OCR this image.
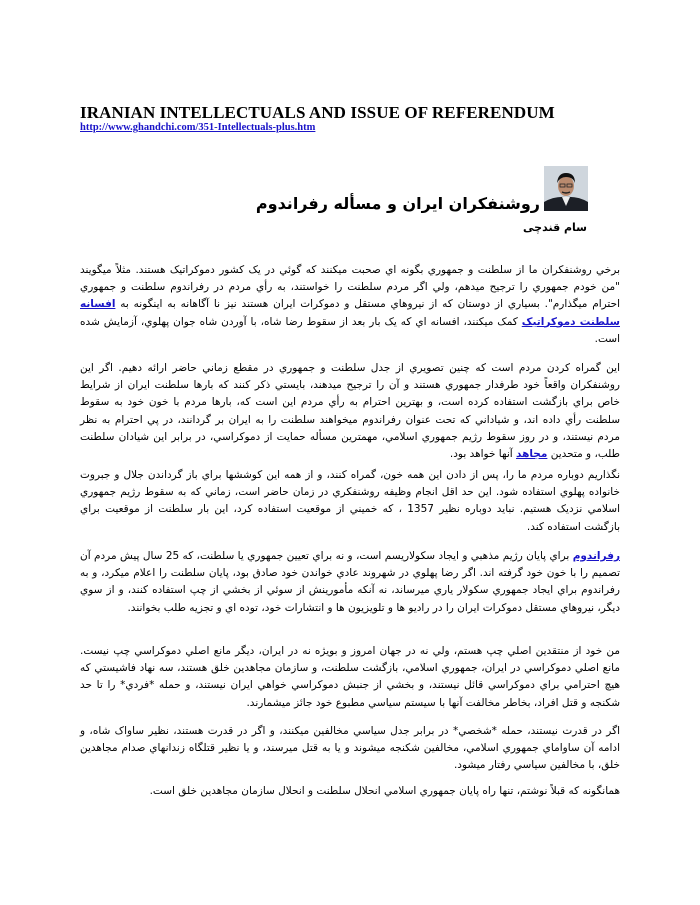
IRANIAN INTELLECTUALS AND ISSUE OF REFERENDUM
http://www.ghandchi.com/351-Intellectuals-plus.htm
روشنفکران ايران و مسأله رفراندوم
سام قندچی
برخي روشنفکران ما از سلطنت و جمهوري بگونه اي صحبت ميکنند که گوئي در يک کشور دموکراتيک هستند. مثلاً ميگويند "من خودم جمهوري را ترجيح ميدهم، ولي اگر مردم سلطنت را خواستند، به رأي مردم در رفراندوم سلطنت و جمهوري احترام ميگذارم". بسياري از دوستان که از نيروهاي مستقل و دموکرات ايران هستند نيز نا آگاهانه به اينگونه به افسانه سلطنت دموکراتيک کمک ميکنند، افسانه اي که يک بار بعد از سقوط رضا شاه، با آوردن شاه جوان پهلوي، آزمايش شده است.
اين گمراه کردن مردم است که چنين تصويري از جدل سلطنت و جمهوري در مقطع زماني حاضر ارائه دهيم. اگر اين روشنفکران واقعاً خود طرفدار جمهوري هستند و آن را ترجيح ميدهند، بايستي ذکر کنند که بارها سلطنت ايران از شرايط خاص براي بازگشت استفاده کرده است، و بهترين احترام به رأي مردم اين است که، بارها مردم با خون خود به سقوط سلطنت رأي داده اند، و شياداني که تحت عنوان رفراندوم ميخواهند سلطنت را به ايران بر گردانند، در پي احترام به نظر مردم نيستند، و در روز سقوط رژيم جمهوري اسلامي، مهمترين مسأله حمايت از دموکراسي، در برابر اين شيادان سلطنت طلب، و متحدين مجاهد آنها خواهد بود.
نگذاريم دوباره مردم ما را، پس از دادن اين همه خون، گمراه کنند، و از همه اين کوششها براي باز گرداندن جلال و جبروت خانواده پهلوي استفاده شود. اين حد اقل انجام وظيفه روشنفکري در زمان حاضر است، زماني که به سقوط رژيم جمهوري اسلامي نزديک هستيم. نبايد دوباره نظير 1357 ، که خميني از موقعيت استفاده کرد، اين بار سلطنت از موقعيت براي بازگشت استفاده کند.
رفراندوم براي پايان رژيم مذهبي و ايجاد سکولاريسم است، و نه براي تعيين جمهوري يا سلطنت، که 25 سال پيش مردم آن تصميم را با خون خود گرفته اند. اگر رضا پهلوي در شهروند عادي خواندن خود صادق بود، پايان سلطنت را اعلام ميکرد، و به رفراندوم براي ايجاد جمهوري سکولار ياري ميرساند، نه آنکه مأمورينش از سوئي از بخشي از چپ استفاده کنند، و از سوي ديگر، نيروهاي مستقل دموکرات ايران را در راديو ها و تلويزيون ها و انتشارات خود، توده اي و تجزيه طلب بخوانند.
من خود از منتقدين اصلي چپ هستم، ولي نه در جهان امروز و بويژه نه در ايران، ديگر مانع اصلي دموکراسي چپ نيست. مانع اصلي دموکراسي در ايران، جمهوري اسلامي، بازگشت سلطنت، و سازمان مجاهدين خلق هستند، سه نهاد فاشيستي که هيچ احترامي براي دموکراسي قائل نيستند، و بخشي از جنبش دموکراسي خواهي ايران نيستند، و حمله *فردي* را تا حد شکنجه و قتل افراد، بخاطر مخالفت آنها با سيستم سياسي مطبوع خود جائز ميشمارند.
اگر در قدرت نيستند، حمله *شخصي* در برابر جدل سياسي مخالفين ميکنند، و اگر در قدرت هستند، نظير ساواک شاه، و ادامه آن ساواماي جمهوري اسلامي، مخالفين شکنجه ميشوند و يا به قتل ميرسند، و يا نظير قتلگاه زندانهاي صدام مجاهدين خلق، با مخالفين سياسي رفتار ميشود.
همانگونه که قبلاً نوشتم، تنها راه پايان جمهوري اسلامي انحلال سلطنت و انحلال سازمان مجاهدين خلق است.
